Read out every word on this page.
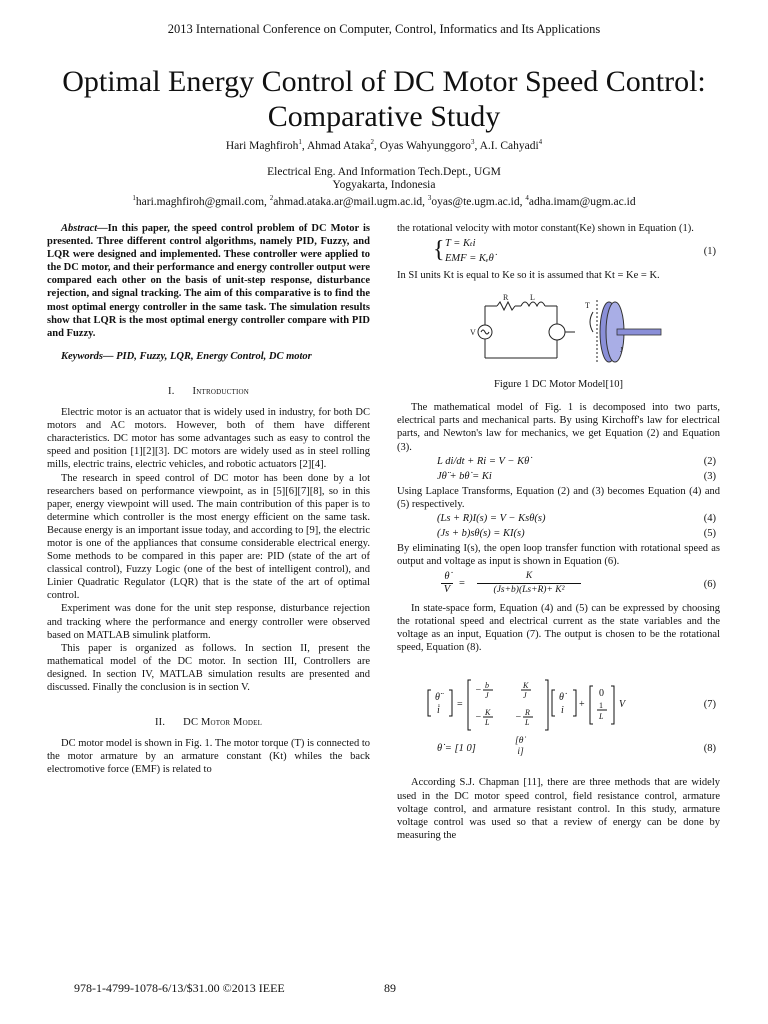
2013 International Conference on Computer, Control, Informatics and Its Applications
Optimal Energy Control of DC Motor Speed Control:
Comparative Study
Hari Maghfiroh$^1$, Ahmad Ataka$^2$, Oyas Wahyunggoro$^3$, A.I. Cahyadi$^4$
Electrical Eng. And Information Tech.Dept., UGM
Yogyakarta, Indonesia
$^1$hari.maghfiroh@gmail.com, $^2$ahmad.ataka.ar@mail.ugm.ac.id, $^3$oyas@te.ugm.ac.id, $^4$adha.imam@ugm.ac.id

Abstract—In this paper, the speed control problem of DC Motor is presented. Three different control algorithms, namely PID, Fuzzy, and LQR were designed and implemented. These controller were applied to the DC motor, and their performance and energy controller output were compared each other on the basis of unit-step response, disturbance rejection, and signal tracking. The aim of this comparative is to find the most optimal energy controller in the same task. The simulation results show that LQR is the most optimal energy controller compare with PID and Fuzzy.

Keywords— PID, Fuzzy, LQR, Energy Control, DC motor

I. Introduction

Electric motor is an actuator that is widely used in industry, for both DC motors and AC motors. However, both of them have different characteristics. DC motor has some advantages such as easy to control the speed and position [1][2][3]. DC motors are widely used as in steel rolling mills, electric trains, electric vehicles, and robotic actuators [2][4].

The research in speed control of DC motor has been done by a lot researchers based on performance viewpoint, as in [5][6][7][8], so in this paper, energy viewpoint will used. The main contribution of this paper is to determine which controller is the most energy efficient on the same task. Because energy is an important issue today, and according to [9], the electric motor is one of the appliances that consume considerable electrical energy. Some methods to be compared in this paper are: PID (state of the art of classical control), Fuzzy Logic (one of the best of intelligent control), and Linier Quadratic Regulator (LQR) that is the state of the art of optimal control.

Experiment was done for the unit step response, disturbance rejection and tracking where the performance and energy controller were observed based on MATLAB simulink platform.

This paper is organized as follows. In section II, present the mathematical model of the DC motor. In section III, Controllers are designed. In section IV, MATLAB simulation results are presented and discussed. Finally the conclusion is in section V.

II. DC Motor Model

DC motor model is shown in Fig. 1. The motor torque (T) is connected to the motor armature by an armature constant (Kt) whiles the back electromotive force (EMF) is related to

the rotational velocity with motor constant(Ke) shown in Equation (1).

{ T = Kₜi
EMF = Kₑθ̇
(1)

In SI units Kt is equal to Ke so it is assumed that Kt = Ke = K.

R	L
V
T
J
Figure 1 DC Motor Model[10]

The mathematical model of Fig. 1 is decomposed into two parts, electrical parts and mechanical parts. By using Kirchoff's law for electrical parts, and Newton's law for mechanics, we get Equation (2) and Equation (3).

L di/dt + Ri = V − Kθ̇	(2)
Jθ̈ + bθ̇ = Ki	(3)

Using Laplace Transforms, Equation (2) and (3) becomes Equation (4) and (5) respectively.

(Ls + R)I(s) = V − Ksθ(s)	(4)
(Js + b)sθ(s) = KI(s)	(5)

By eliminating I(s), the open loop transfer function with rotational speed as output and voltage as input is shown in Equation (6).

$\frac{\thetȧ}{V} = \frac{K}{\text{(Js+b)(Ls+R)+ K²}}$	(6)

In state-space form, Equation (4) and (5) can be expressed by choosing the rotational speed and electrical current as the state variables and the voltage as an input, Equation (7). The output is chosen to be the rotational speed, Equation (8).

θ̈
i̇
=
− b
J
K
J
− K
L	− R
L
θ̇
i
+
0
1
L
V	(7)
θ̇ = [1 0]
[θ̇
i]	(8)

According S.J. Chapman [11], there are three methods that are widely used in the DC motor speed control, field resistance control, armature voltage control, and armature resistant control. In this study, armature voltage control was used so that a review of energy can be done by measuring the

978-1-4799-1078-6/13/$31.00 ©2013 IEEE	89
